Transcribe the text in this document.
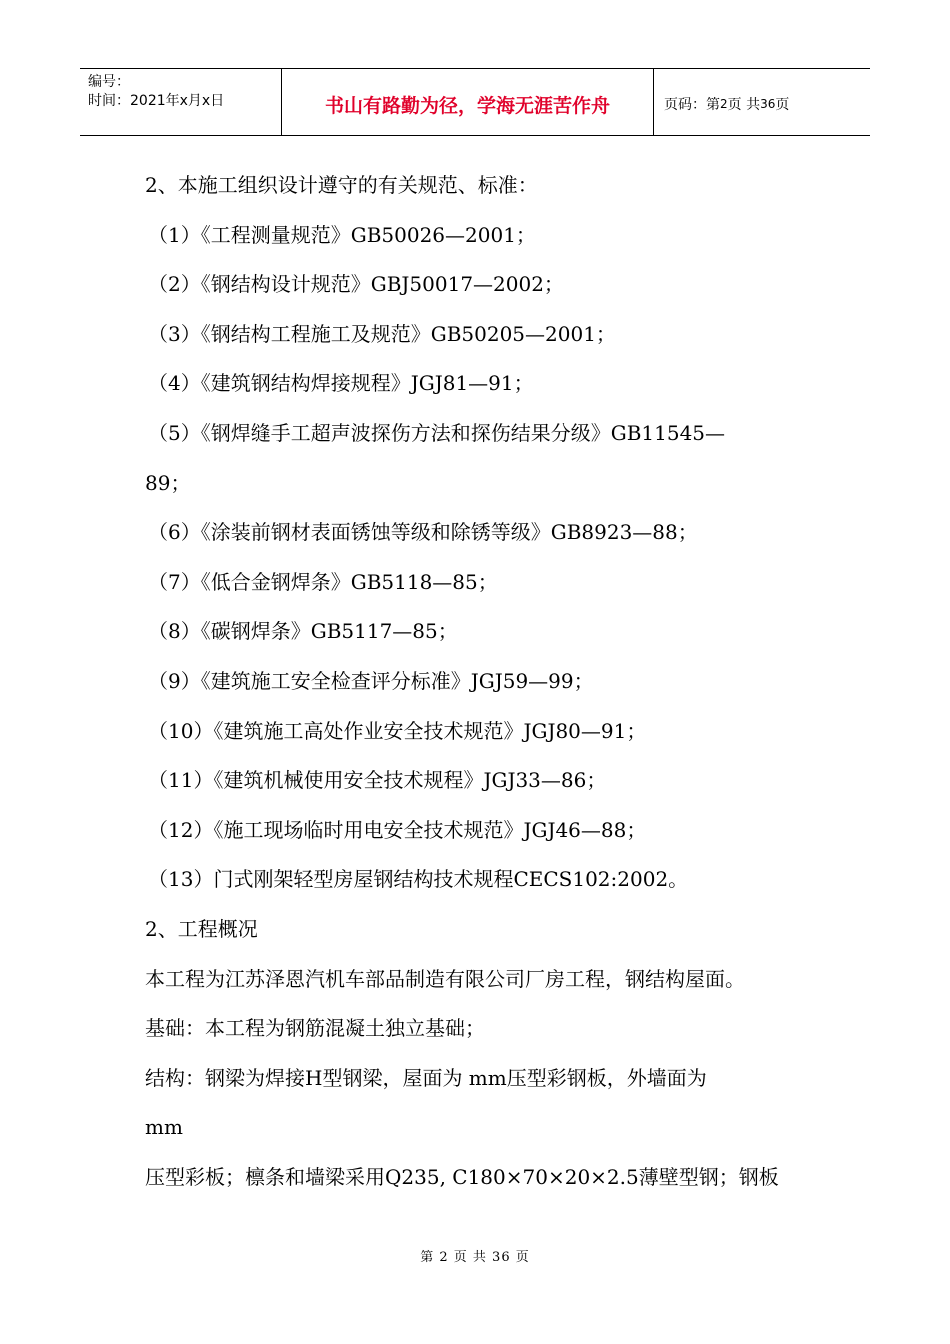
编号：
时间：2021年x月x日	书山有路勤为径，学海无涯苦作舟	页码：第 2 页 共 36 页
2、本施工组织设计遵守的有关规范、标准：
（1）《工程测量规范》GB50026—2001；
（2）《钢结构设计规范》GBJ50017—2002；
（3）《钢结构工程施工及规范》GB50205—2001；
（4）《建筑钢结构焊接规程》JGJ81—91；
（5）《钢焊缝手工超声波探伤方法和探伤结果分级》GB11545—
89；
（6）《涂装前钢材表面锈蚀等级和除锈等级》GB8923—88；
（7）《低合金钢焊条》GB5118—85；
（8）《碳钢焊条》GB5117—85；
（9）《建筑施工安全检查评分标准》JGJ59—99；
（10）《建筑施工高处作业安全技术规范》JGJ80—91；
（11）《建筑机械使用安全技术规程》JGJ33—86；
（12）《施工现场临时用电安全技术规范》JGJ46—88；
（13）门式刚架轻型房屋钢结构技术规程CECS102:2002。
2、工程概况
本工程为江苏泽恩汽机车部品制造有限公司厂房工程，钢结构屋面。
基础：本工程为钢筋混凝土独立基础；
结构：钢梁为焊接H型钢梁，屋面为 mm压型彩钢板，外墙面为
mm
压型彩板；檩条和墙梁采用Q235, C180×70×20×2.5薄壁型钢；钢板
第 2 页 共 36 页
